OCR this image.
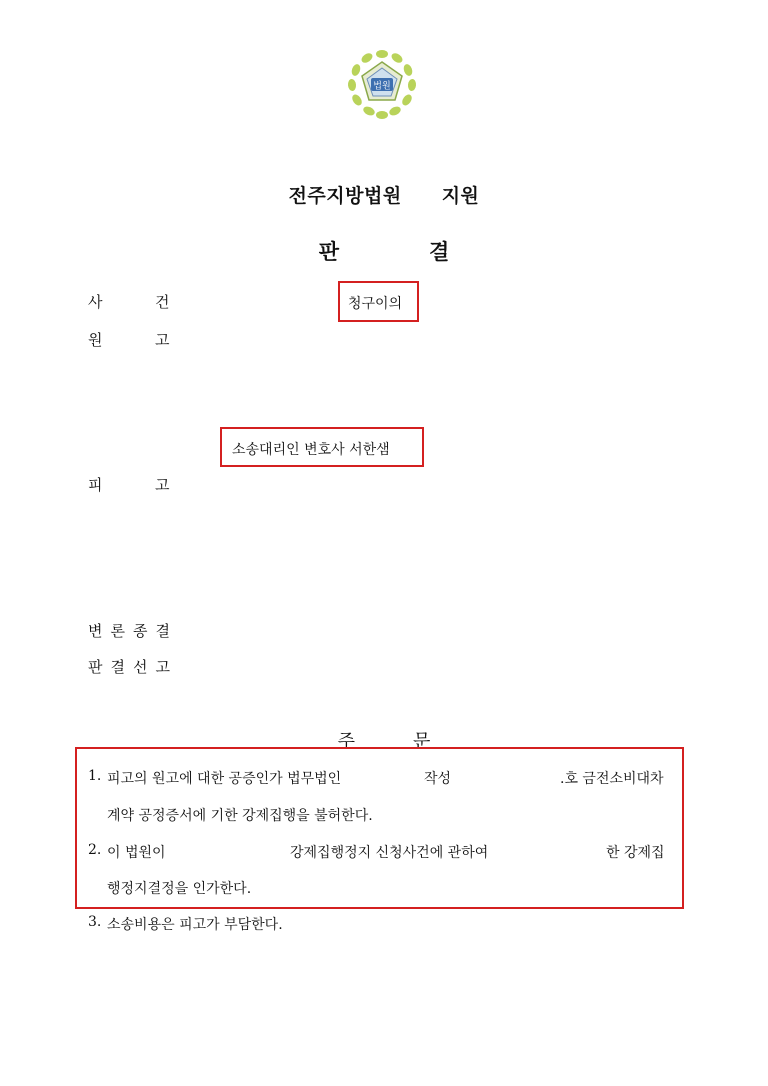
법원
전주지방법원 지원
판	결
사	건	청구이의
원	고
소송대리인 변호사 서한샘
피	고
변론종결
판결선고
주	문
1. 피고의 원고에 대한 공증인가 법무법인	작성	.호 금전소비대차
계약 공정증서에 기한 강제집행을 불허한다.
2. 이 법원이	강제집행정지 신청사건에 관하여	한 강제집
행정지결정을 인가한다.
3. 소송비용은 피고가 부담한다.
